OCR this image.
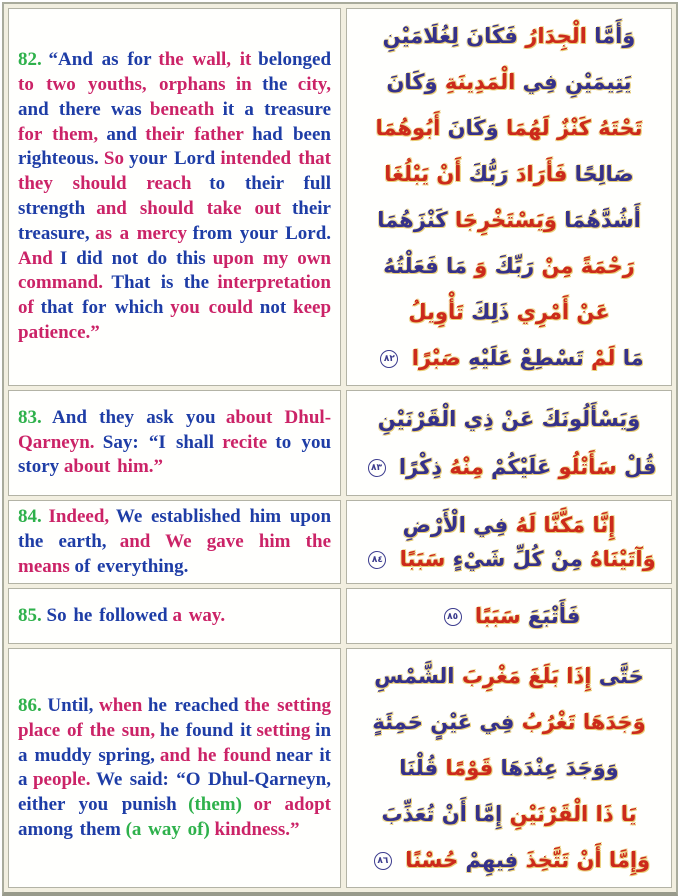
82. “And as for the wall, it belonged to two youths, orphans in the city, and there was beneath it a treasure for them, and their father had been righteous. So your Lord intended that they should reach to their full strength and should take out their treasure, as a mercy from your Lord. And I did not do this upon my own command. That is the interpretation of that for which you could not keep patience.”

وَأَمَّا الْجِدَارُ فَكَانَ لِغُلَامَيْنِ
يَتِيمَيْنِ فِي الْمَدِينَةِ وَكَانَ
تَحْتَهُ كَنْزٌ لَهُمَا وَكَانَ أَبُوهُمَا
صَالِحًا فَأَرَادَ رَبُّكَ أَنْ يَبْلُغَا
أَشُدَّهُمَا وَيَسْتَخْرِجَا كَنْزَهُمَا
رَحْمَةً مِنْ رَبِّكَ وَ مَا فَعَلْتُهُ
عَنْ أَمْرِي ذَلِكَ تَأْوِيلُ
مَا لَمْ تَسْطِعْ عَلَيْهِ صَبْرًا ٨٢

83. And they ask you about Dhul-Qarneyn. Say: “I shall recite to you story about him.”

وَيَسْأَلُونَكَ عَنْ ذِي الْقَرْنَيْنِ
قُلْ سَأَتْلُو عَلَيْكُمْ مِنْهُ ذِكْرًا ٨٣

84. Indeed, We established him upon the earth, and We gave him the means of everything.

إِنَّا مَكَّنَّا لَهُ فِي الْأَرْضِ
وَآتَيْنَاهُ مِنْ كُلِّ شَيْءٍ سَبَبًا ٨٤

85. So he followed a way.	فَأَتْبَعَ سَبَبًا ٨٥

86. Until, when he reached the setting place of the sun, he found it setting in a muddy spring, and he found near it a people. We said: “O Dhul-Qarneyn, either you punish (them) or adopt among them (a way of) kindness.”

حَتَّى إِذَا بَلَغَ مَغْرِبَ الشَّمْسِ
وَجَدَهَا تَغْرُبُ فِي عَيْنٍ حَمِئَةٍ
وَوَجَدَ عِنْدَهَا قَوْمًا قُلْنَا
يَا ذَا الْقَرْنَيْنِ إِمَّا أَنْ تُعَذِّبَ
وَإِمَّا أَنْ تَتَّخِذَ فِيهِمْ حُسْنًا ٨٦
